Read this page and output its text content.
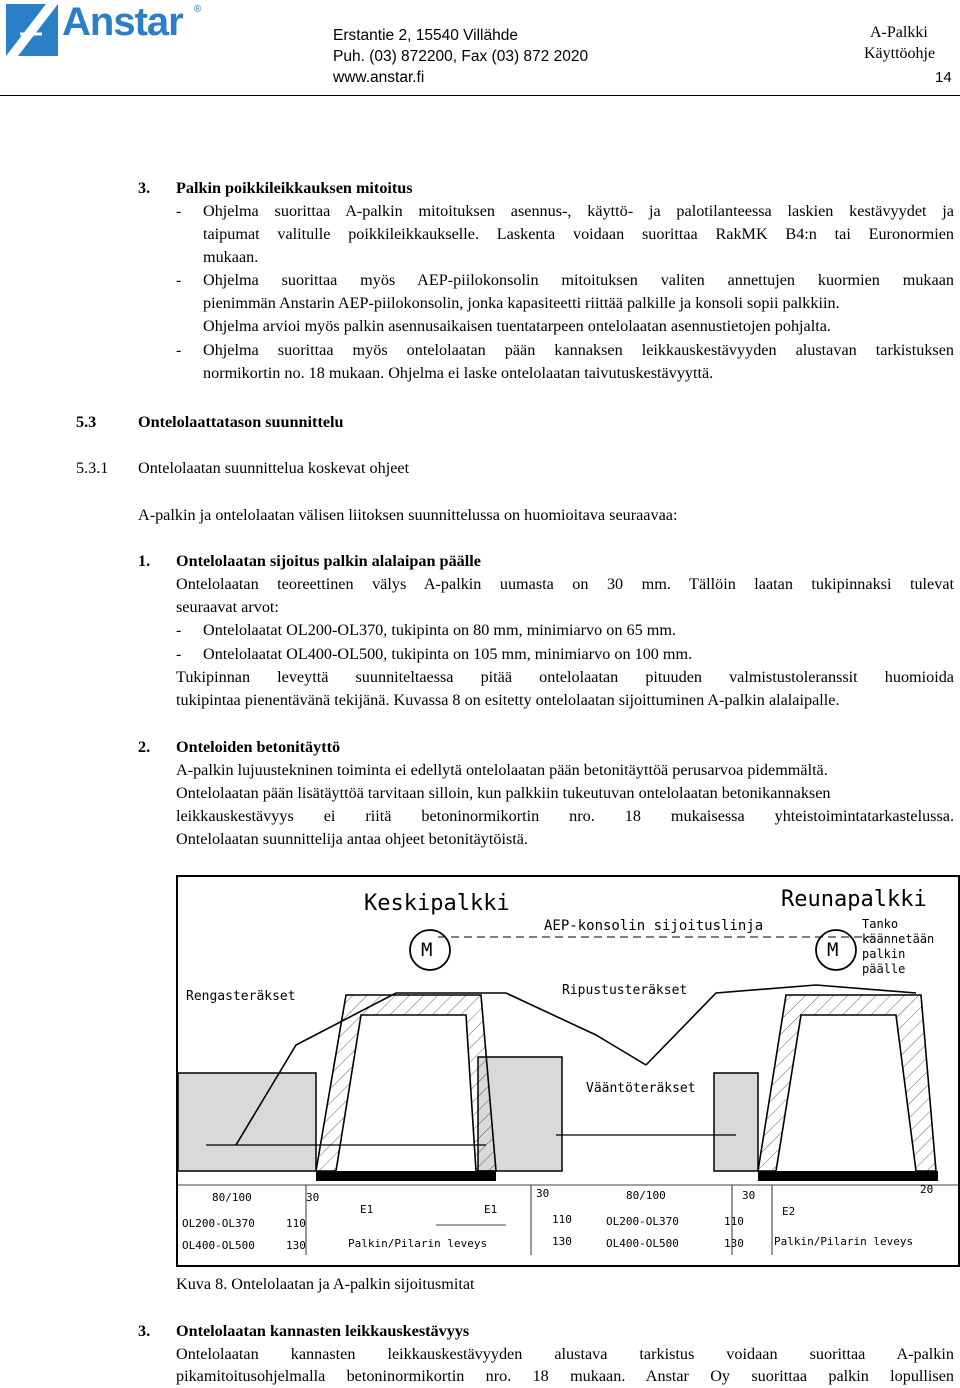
Anstar ®
Erstantie 2, 15540 Villähde
Puh. (03) 872200, Fax (03) 872 2020
www.anstar.fi
A-Palkki
Käyttöohje
14
3. Palkin poikkileikkauksen mitoitus
- Ohjelma suorittaa A-palkin mitoituksen asennus-, käyttö- ja palotilanteessa laskien kestävyydet ja
taipumat valitulle poikkileikkaukselle. Laskenta voidaan suorittaa RakMK B4:n tai Euronormien
mukaan.
- Ohjelma suorittaa myös AEP-piilokonsolin mitoituksen valiten annettujen kuormien mukaan
pienimmän Anstarin AEP-piilokonsolin, jonka kapasiteetti riittää palkille ja konsoli sopii palkkiin.
Ohjelma arvioi myös palkin asennusaikaisen tuentatarpeen ontelolaatan asennustietojen pohjalta.
- Ohjelma suorittaa myös ontelolaatan pään kannaksen leikkauskestävyyden alustavan tarkistuksen
normikortin no. 18 mukaan. Ohjelma ei laske ontelolaatan taivutuskestävyyttä.
5.3	Ontelolaattatason suunnittelu
5.3.1 Ontelolaatan suunnittelua koskevat ohjeet
A-palkin ja ontelolaatan välisen liitoksen suunnittelussa on huomioitava seuraavaa:
1. Ontelolaatan sijoitus palkin alalaipan päälle
Ontelolaatan teoreettinen välys A-palkin uumasta on 30 mm. Tällöin laatan tukipinnaksi tulevat
seuraavat arvot:
- Ontelolaatat OL200-OL370, tukipinta on 80 mm, minimiarvo on 65 mm.
- Ontelolaatat OL400-OL500, tukipinta on 105 mm, minimiarvo on 100 mm.
Tukipinnan leveyttä suunniteltaessa pitää ontelolaatan pituuden valmistustoleranssit huomioida
tukipintaa pienentävänä tekijänä. Kuvassa 8 on esitetty ontelolaatan sijoittuminen A-palkin alalaipalle.
2. Onteloiden betonitäyttö
A-palkin lujuustekninen toiminta ei edellytä ontelolaatan pään betonitäyttöä perusarvoa pidemmältä.
Ontelolaatan pään lisätäyttöä tarvitaan silloin, kun palkkiin tukeutuvan ontelolaatan betonikannaksen
leikkauskestävyys ei riitä betoninormikortin nro. 18 mukaisessa yhteistoimintatarkastelussa.
Ontelolaatan suunnittelija antaa ohjeet betonitäytöistä.
Keskipalkki	Reunapalkki
AEP-konsolin sijoituslinja
M	M
Tanko
käännetään
palkin
päälle
Rengasteräkset	Ripustusteräkset
Vääntöteräkset
80/100	30
OL200-OL370	110
OL400-OL500	130
E1	E1
Palkin/Pilarin leveys
30
110
130
80/100
OL200-OL370
OL400-OL500
30
110
130
E2
20
Palkin/Pilarin leveys
Kuva 8. Ontelolaatan ja A-palkin sijoitusmitat
3. Ontelolaatan kannasten leikkauskestävyys
Ontelolaatan kannasten leikkauskestävyyden alustava tarkistus voidaan suorittaa A-palkin
pikamitoitusohjelmalla betoninormikortin nro. 18 mukaan. Anstar Oy suorittaa palkin lopullisen
